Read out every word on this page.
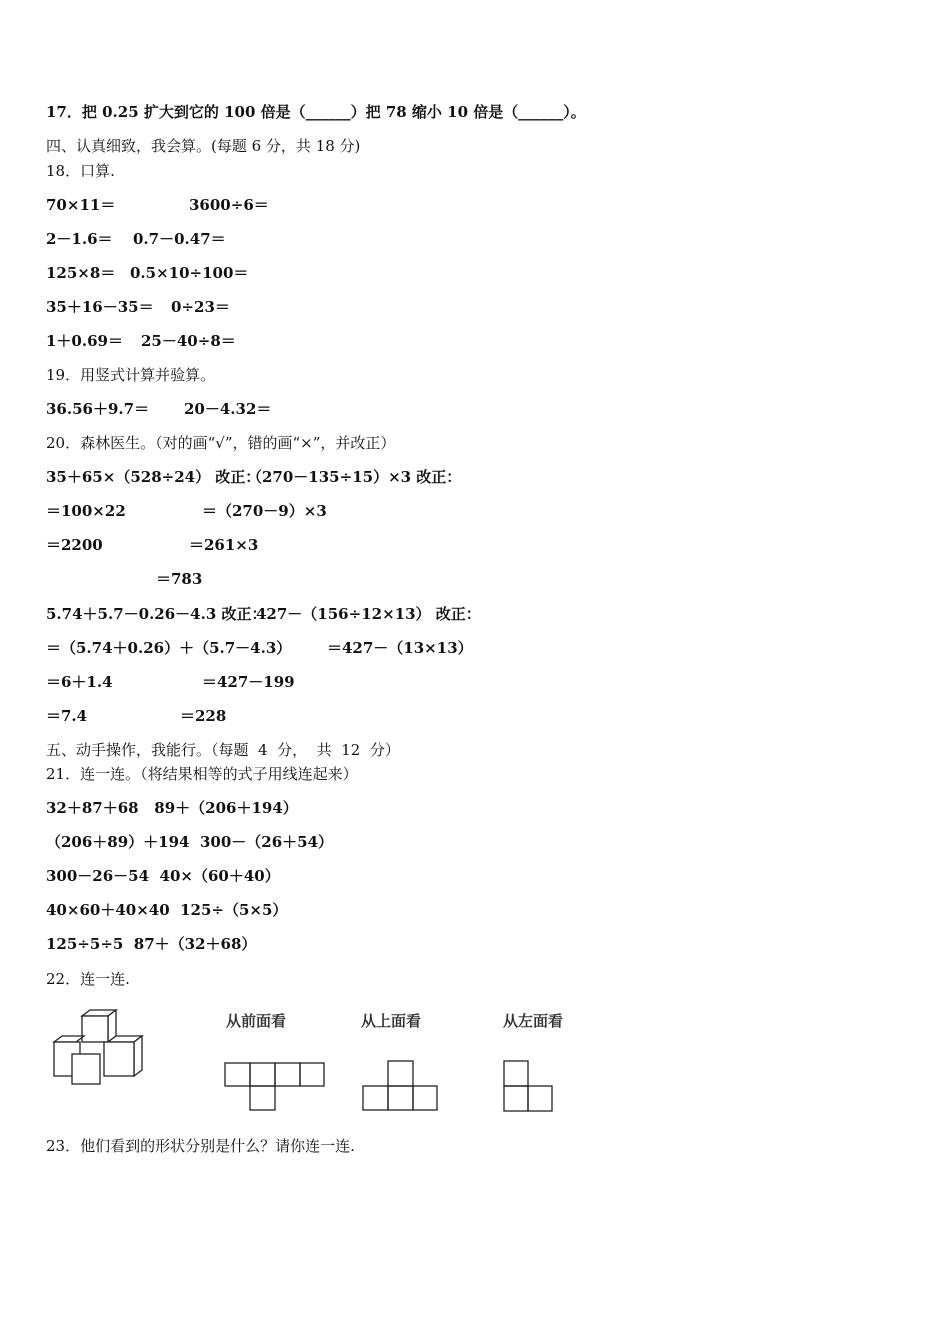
17．把 0.25 扩大到它的 100 倍是（______）把 78 缩小 10 倍是（______）。
四、认真细致，我会算。(每题 6 分，共 18 分)
18．口算.
70×11＝	3600÷6＝
2－1.6＝ 0.7－0.47＝
125×8＝ 0.5×10÷100＝
35＋16－35＝ 0÷23＝
1＋0.69＝ 25－40÷8＝
19．用竖式计算并验算。
36.56＋9.7＝ 20－4.32＝
20．森林医生。（对的画“√”，错的画“×”，并改正）
35＋65×（528÷24） 改正：
（270－135÷15）×3 改正：
＝100×22	＝（270－9）×3
＝2200	＝261×3
＝783
5.74＋5.7－0.26－4.3 改正：
427－（156÷12×13） 改正：
＝（5.74＋0.26）＋（5.7－4.3） ＝427－（13×13）
＝6＋1.4	＝427－199
＝7.4	＝228
五、动手操作，我能行。（每题  4  分，  共  12  分）
21．连一连。（将结果相等的式子用线连起来）
32＋87＋68   89＋（206＋194）
（206＋89）＋194  300－（26＋54）
300－26－54  40×（60＋40）
40×60＋40×40  125÷（5×5）
125÷5÷5  87＋（32＋68）
22．连一连.
从前面看	从上面看	从左面看
23．他们看到的形状分别是什么？请你连一连.
